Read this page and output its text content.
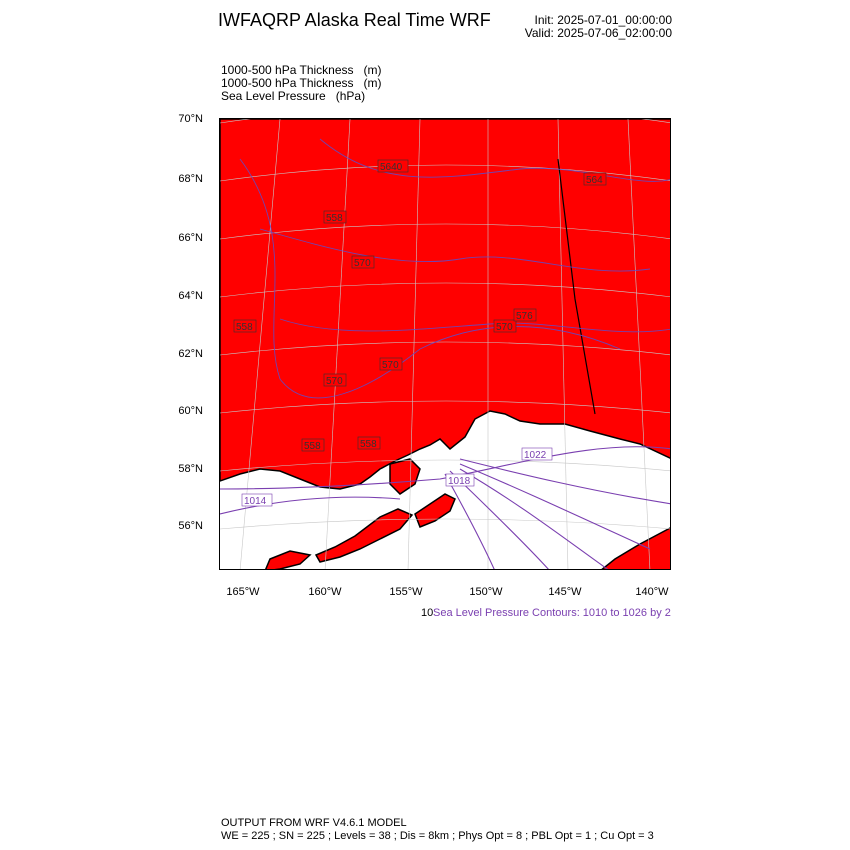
IWFAQRP Alaska Real Time WRF	Init: 2025-07-01_00:00:00
Valid: 2025-07-06_02:00:00
1000-500 hPa Thickness   (m)
1000-500 hPa Thickness   (m)
Sea Level Pressure   (hPa)
5640
558
570
570
558
570
570
576
564
558
558
1022
1018
1014
70°N
68°N
66°N
64°N
62°N
60°N
58°N
56°N
165°W	160°W	155°W	150°W	145°W	140°W
10 Sea Level Pressure Contours: 1010 to 1026 by 2
OUTPUT FROM WRF V4.6.1 MODEL
WE = 225 ; SN = 225 ; Levels = 38 ; Dis = 8km ; Phys Opt = 8 ; PBL Opt = 1 ; Cu Opt = 3
